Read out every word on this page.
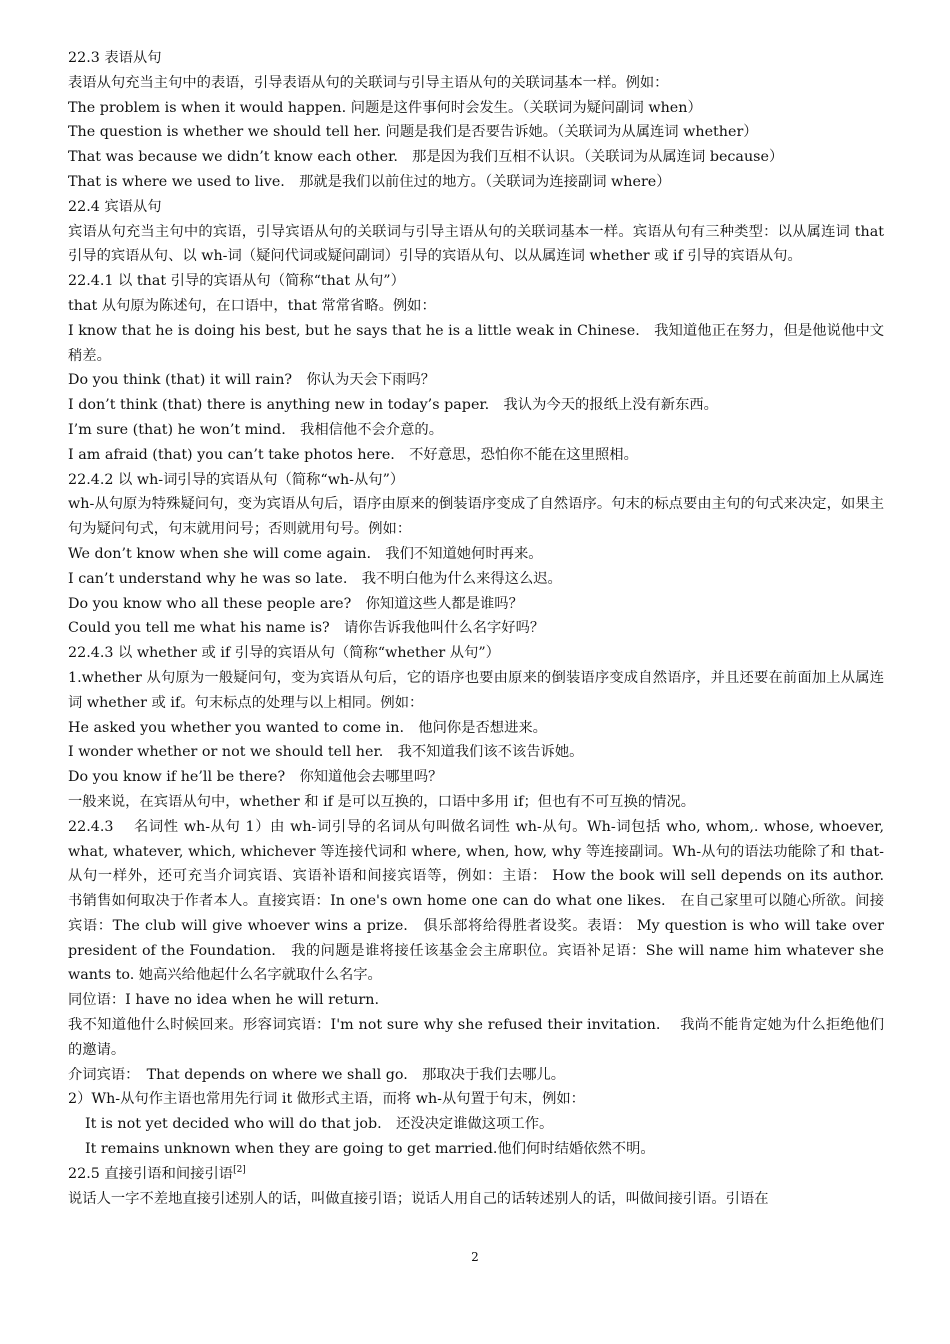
22.3 表语从句
表语从句充当主句中的表语，引导表语从句的关联词与引导主语从句的关联词基本一样。例如：
The problem is when it would happen. 问题是这件事何时会发生。（关联词为疑问副词 when）
The question is whether we should tell her. 问题是我们是否要告诉她。（关联词为从属连词 whether）
That was because we didn’t know each other.　那是因为我们互相不认识。（关联词为从属连词 because）
That is where we used to live.　那就是我们以前住过的地方。（关联词为连接副词 where）
22.4 宾语从句
宾语从句充当主句中的宾语，引导宾语从句的关联词与引导主语从句的关联词基本一样。宾语从句有三种类型：以从属连词 that 引导的宾语从句、以 wh-词（疑问代词或疑问副词）引导的宾语从句、以从属连词 whether 或 if 引导的宾语从句。
22.4.1 以 that 引导的宾语从句（简称“that 从句”）
that 从句原为陈述句，在口语中，that 常常省略。例如：
I know that he is doing his best, but he says that he is a little weak in Chinese.　我知道他正在努力，但是他说他中文稍差。
Do you think (that) it will rain?　你认为天会下雨吗？
I don’t think (that) there is anything new in today’s paper.　我认为今天的报纸上没有新东西。
I’m sure (that) he won’t mind.　我相信他不会介意的。
I am afraid (that) you can’t take photos here.　不好意思，恐怕你不能在这里照相。
22.4.2 以 wh-词引导的宾语从句（简称“wh-从句”）
wh-从句原为特殊疑问句，变为宾语从句后，语序由原来的倒装语序变成了自然语序。句末的标点要由主句的句式来决定，如果主句为疑问句式，句末就用问号；否则就用句号。例如：
We don’t know when she will come again.　我们不知道她何时再来。
I can’t understand why he was so late.　我不明白他为什么来得这么迟。
Do you know who all these people are?　你知道这些人都是谁吗？
Could you tell me what his name is?　请你告诉我他叫什么名字好吗？
22.4.3 以 whether 或 if 引导的宾语从句（简称“whether 从句”）
1.whether 从句原为一般疑问句，变为宾语从句后，它的语序也要由原来的倒装语序变成自然语序，并且还要在前面加上从属连词 whether 或 if。句末标点的处理与以上相同。例如：
He asked you whether you wanted to come in.　他问你是否想进来。
I wonder whether or not we should tell her.　我不知道我们该不该告诉她。
Do you know if he’ll be there?　你知道他会去哪里吗？
一般来说，在宾语从句中，whether 和 if 是可以互换的，口语中多用 if；但也有不可互换的情况。
22.4.3　 名词性 wh-从句 1）由 wh-词引导的名词从句叫做名词性 wh-从句。Wh-词包括 who, whom,. whose, whoever, what, whatever, which, whichever 等连接代词和 where, when, how, why 等连接副词。Wh-从句的语法功能除了和 that-从句一样外，还可充当介词宾语、宾语补语和间接宾语等，例如：主语： How the book will sell depends on its author.　书销售如何取决于作者本人。直接宾语：In one's own home one can do what one likes.　在自己家里可以随心所欲。间接宾语：The club will give whoever wins a prize.　俱乐部将给得胜者设奖。表语： My question is who will take over president of the Foundation.　我的问题是谁将接任该基金会主席职位。宾语补足语：She will name him whatever she wants to. 她高兴给他起什么名字就取什么名字。
同位语：I have no idea when he will return.
我不知道他什么时候回来。形容词宾语：I'm not sure why she refused their invitation.　 我尚不能肯定她为什么拒绝他们的邀请。
介词宾语：　That depends on where we shall go.　那取决于我们去哪儿。
2）Wh-从句作主语也常用先行词 it 做形式主语，而将 wh-从句置于句末，例如：
It is not yet decided who will do that job.　还没决定谁做这项工作。
It remains unknown when they are going to get married.他们何时结婚依然不明。
22.5 直接引语和间接引语[2]
说话人一字不差地直接引述别人的话，叫做直接引语；说话人用自己的话转述别人的话，叫做间接引语。引语在
2
